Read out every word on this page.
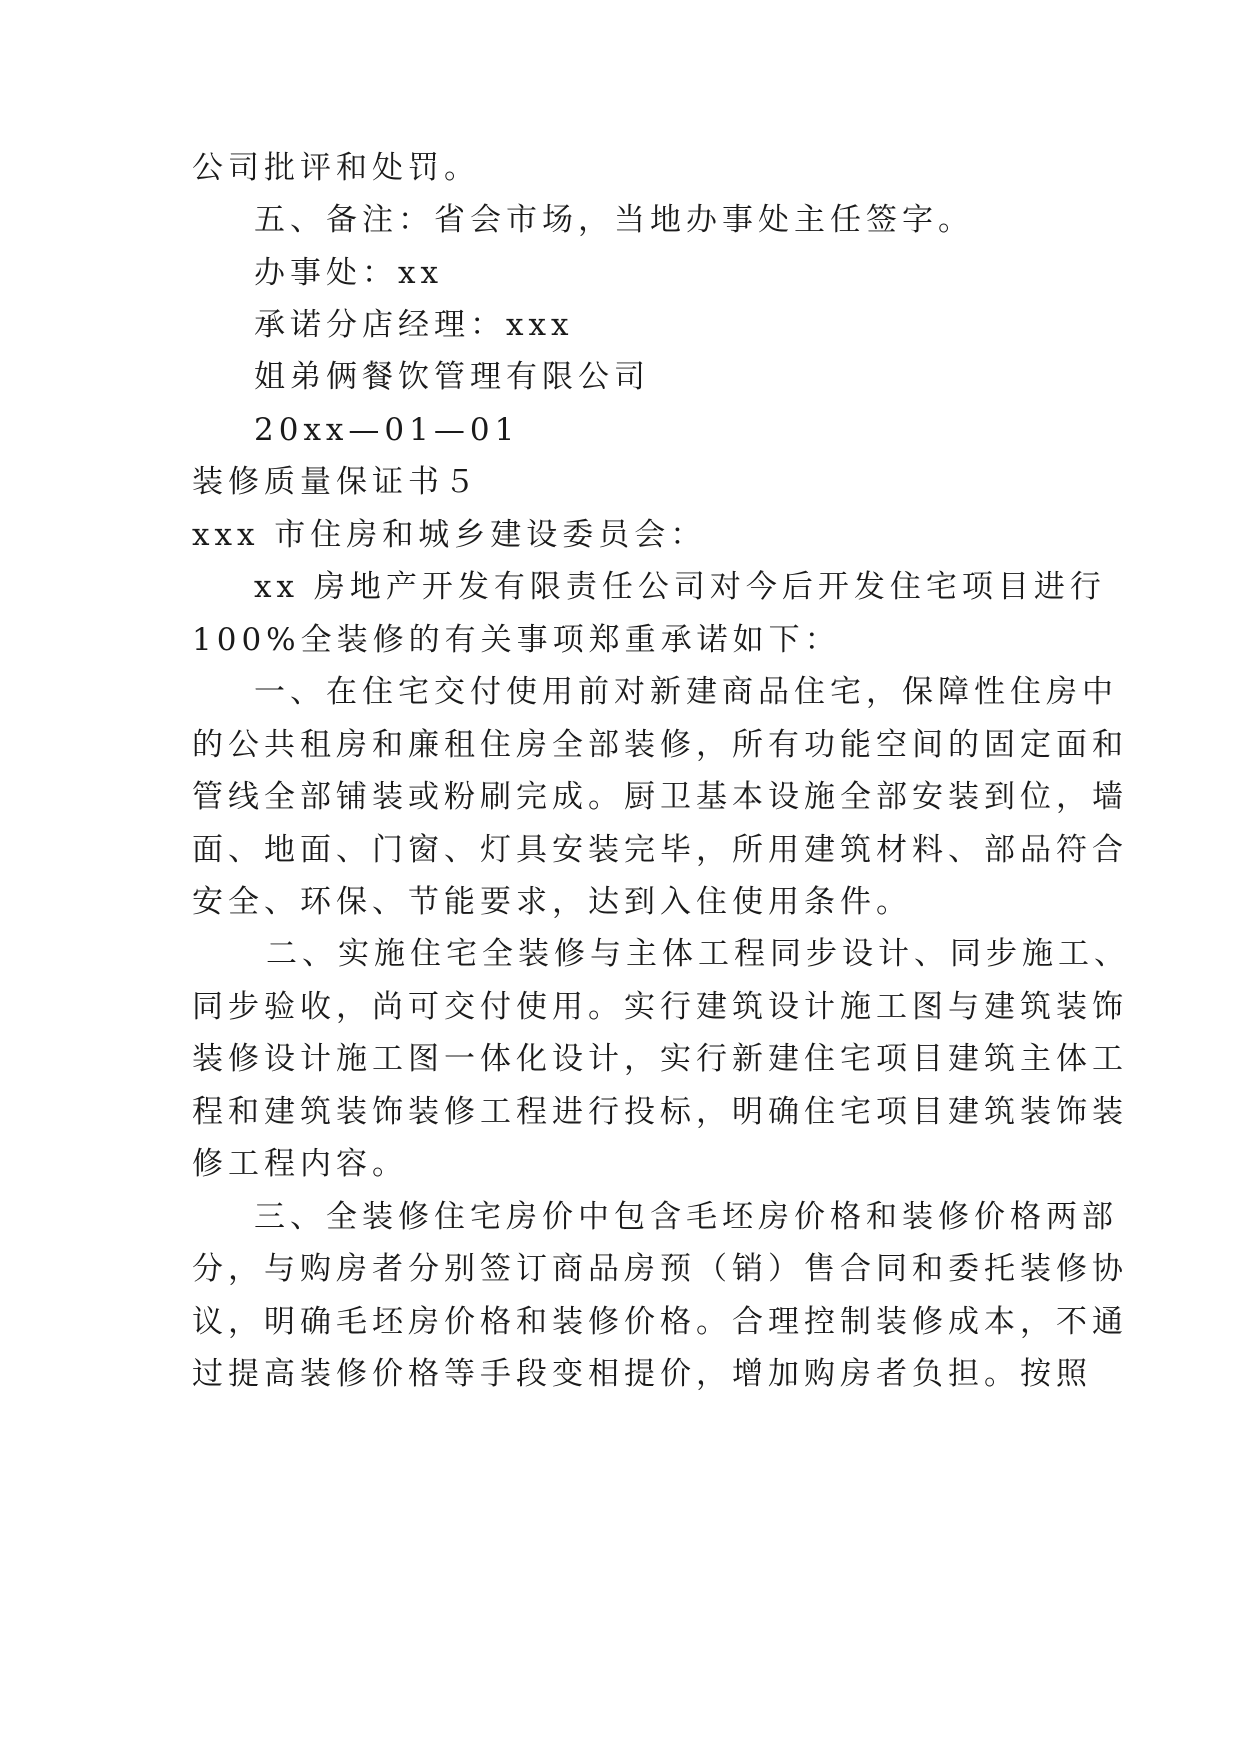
公司批评和处罚。
五、备注：省会市场，当地办事处主任签字。
办事处：xx
承诺分店经理：xxx
姐弟俩餐饮管理有限公司
20xx—01—01
装修质量保证书５
xxx 市住房和城乡建设委员会：
xx 房地产开发有限责任公司对今后开发住宅项目进行
100%全装修的有关事项郑重承诺如下：
一、在住宅交付使用前对新建商品住宅，保障性住房中
的公共租房和廉租住房全部装修，所有功能空间的固定面和
管线全部铺装或粉刷完成。厨卫基本设施全部安装到位，墙
面、地面、门窗、灯具安装完毕，所用建筑材料、部品符合
安全、环保、节能要求，达到入住使用条件。
二、实施住宅全装修与主体工程同步设计、同步施工、
同步验收，尚可交付使用。实行建筑设计施工图与建筑装饰
装修设计施工图一体化设计，实行新建住宅项目建筑主体工
程和建筑装饰装修工程进行投标，明确住宅项目建筑装饰装
修工程内容。
三、全装修住宅房价中包含毛坯房价格和装修价格两部
分，与购房者分别签订商品房预（销）售合同和委托装修协
议，明确毛坯房价格和装修价格。合理控制装修成本，不通
过提高装修价格等手段变相提价，增加购房者负担。按照
